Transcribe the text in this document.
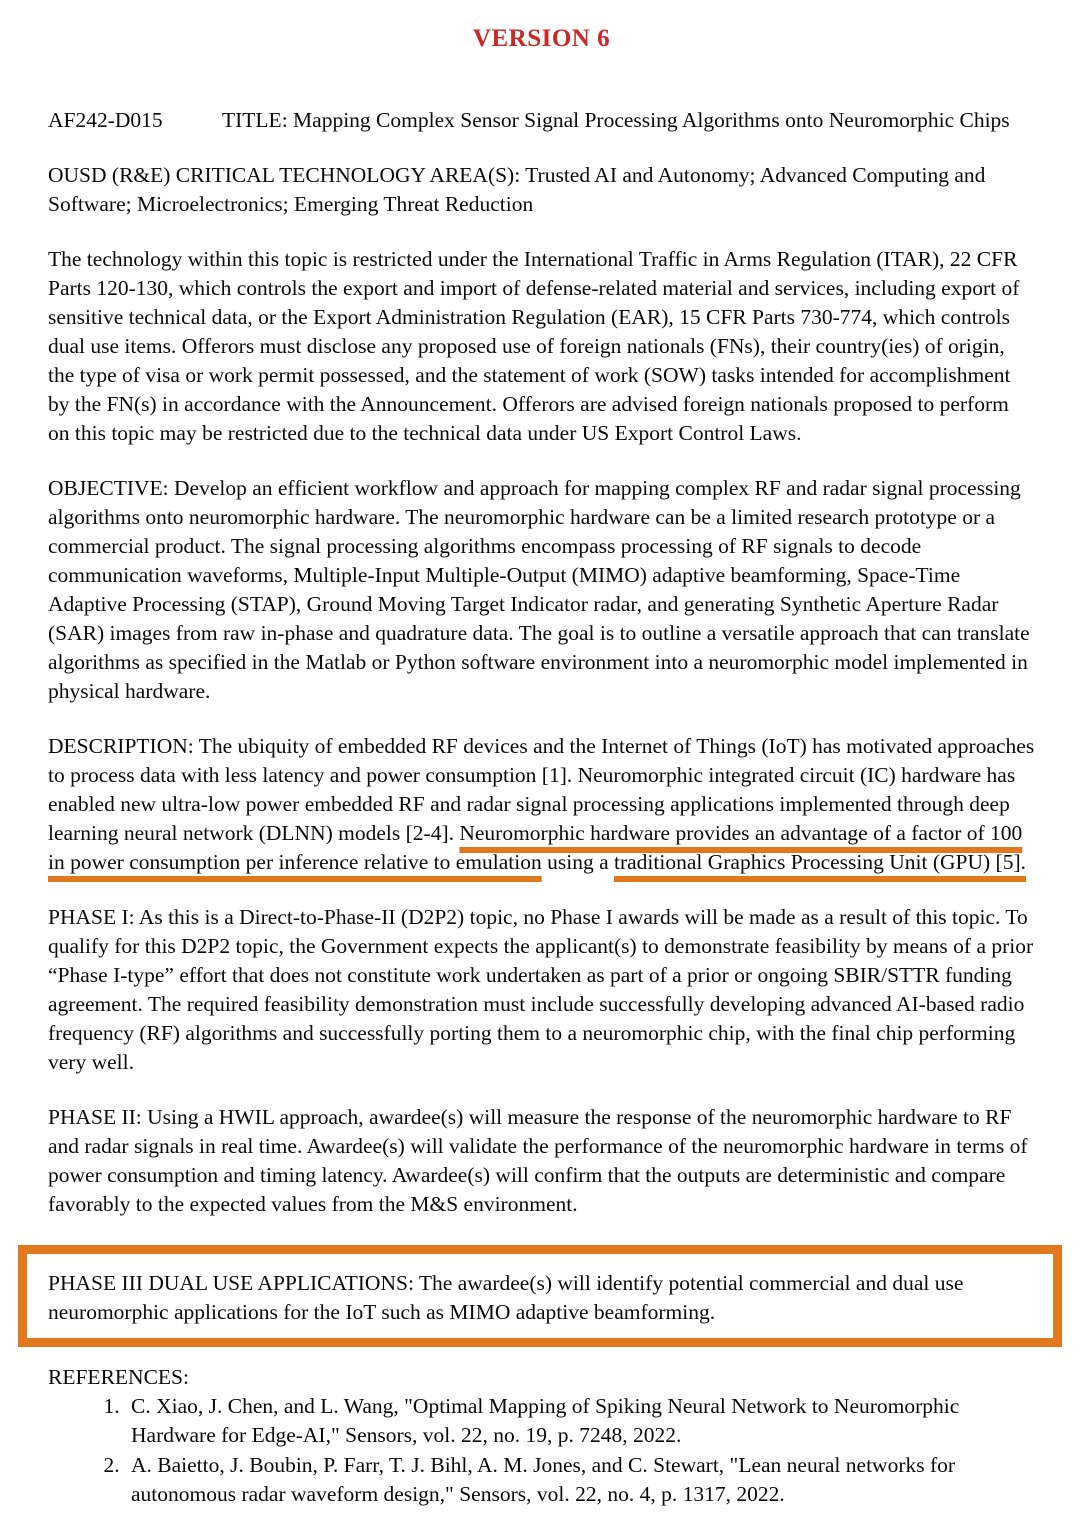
VERSION 6
AF242-D015	TITLE: Mapping Complex Sensor Signal Processing Algorithms onto Neuromorphic Chips

OUSD (R&E) CRITICAL TECHNOLOGY AREA(S): Trusted AI and Autonomy; Advanced Computing and Software; Microelectronics; Emerging Threat Reduction

The technology within this topic is restricted under the International Traffic in Arms Regulation (ITAR), 22 CFR Parts 120-130, which controls the export and import of defense-related material and services, including export of sensitive technical data, or the Export Administration Regulation (EAR), 15 CFR Parts 730-774, which controls dual use items. Offerors must disclose any proposed use of foreign nationals (FNs), their country(ies) of origin, the type of visa or work permit possessed, and the statement of work (SOW) tasks intended for accomplishment by the FN(s) in accordance with the Announcement. Offerors are advised foreign nationals proposed to perform on this topic may be restricted due to the technical data under US Export Control Laws.

OBJECTIVE: Develop an efficient workflow and approach for mapping complex RF and radar signal processing algorithms onto neuromorphic hardware. The neuromorphic hardware can be a limited research prototype or a commercial product. The signal processing algorithms encompass processing of RF signals to decode communication waveforms, Multiple-Input Multiple-Output (MIMO) adaptive beamforming, Space-Time Adaptive Processing (STAP), Ground Moving Target Indicator radar, and generating Synthetic Aperture Radar (SAR) images from raw in-phase and quadrature data. The goal is to outline a versatile approach that can translate algorithms as specified in the Matlab or Python software environment into a neuromorphic model implemented in physical hardware.

DESCRIPTION: The ubiquity of embedded RF devices and the Internet of Things (IoT) has motivated approaches to process data with less latency and power consumption [1]. Neuromorphic integrated circuit (IC) hardware has enabled new ultra-low power embedded RF and radar signal processing applications implemented through deep learning neural network (DLNN) models [2-4]. Neuromorphic hardware provides an advantage of a factor of 100 in power consumption per inference relative to emulation using a traditional Graphics Processing Unit (GPU) [5].

PHASE I: As this is a Direct-to-Phase-II (D2P2) topic, no Phase I awards will be made as a result of this topic. To qualify for this D2P2 topic, the Government expects the applicant(s) to demonstrate feasibility by means of a prior “Phase I-type” effort that does not constitute work undertaken as part of a prior or ongoing SBIR/STTR funding agreement. The required feasibility demonstration must include successfully developing advanced AI-based radio frequency (RF) algorithms and successfully porting them to a neuromorphic chip, with the final chip performing very well.

PHASE II: Using a HWIL approach, awardee(s) will measure the response of the neuromorphic hardware to RF and radar signals in real time. Awardee(s) will validate the performance of the neuromorphic hardware in terms of power consumption and timing latency. Awardee(s) will confirm that the outputs are deterministic and compare favorably to the expected values from the M&S environment.

PHASE III DUAL USE APPLICATIONS: The awardee(s) will identify potential commercial and dual use neuromorphic applications for the IoT such as MIMO adaptive beamforming.

REFERENCES:

1. C. Xiao, J. Chen, and L. Wang, "Optimal Mapping of Spiking Neural Network to Neuromorphic Hardware for Edge-AI," Sensors, vol. 22, no. 19, p. 7248, 2022.
2. A. Baietto, J. Boubin, P. Farr, T. J. Bihl, A. M. Jones, and C. Stewart, "Lean neural networks for autonomous radar waveform design," Sensors, vol. 22, no. 4, p. 1317, 2022.
